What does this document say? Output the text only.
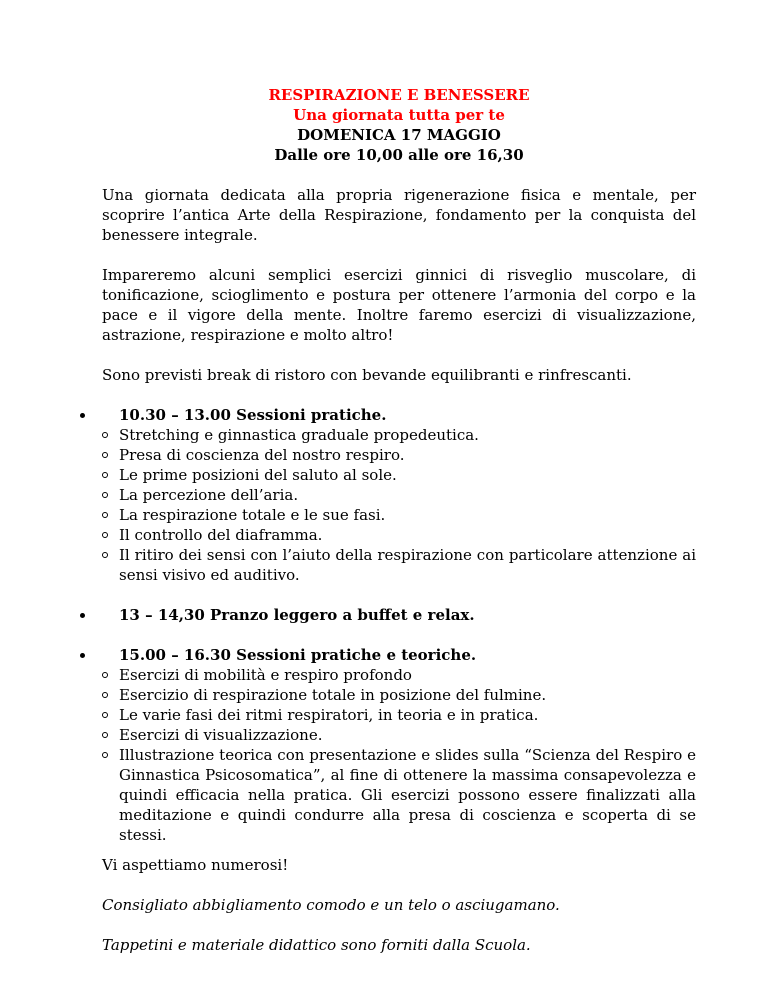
RESPIRAZIONE E BENESSERE
Una giornata tutta per te
DOMENICA 17 MAGGIO
Dalle ore 10,00 alle ore 16,30

Una giornata dedicata alla propria rigenerazione fisica e mentale, per scoprire l’antica Arte della Respirazione, fondamento per la conquista del benessere integrale.

Impareremo alcuni semplici esercizi ginnici di risveglio muscolare, di tonificazione, scioglimento e postura per ottenere l’armonia del corpo e la pace e il vigore della mente. Inoltre faremo esercizi di visualizzazione, astrazione, respirazione e molto altro!

Sono previsti break di ristoro con bevande equilibranti e rinfrescanti.

10.30 – 13.00 Sessioni pratiche.
Stretching e ginnastica graduale propedeutica.
Presa di coscienza del nostro respiro.
Le prime posizioni del saluto al sole.
La percezione dell’aria.
La respirazione totale e le sue fasi.
Il controllo del diaframma.
Il ritiro dei sensi con l’aiuto della respirazione con particolare attenzione ai sensi visivo ed auditivo.
13 – 14,30 Pranzo leggero a buffet e relax.
15.00 – 16.30 Sessioni pratiche e teoriche.
Esercizi di mobilità e respiro profondo
Esercizio di respirazione totale in posizione del fulmine.
Le varie fasi dei ritmi respiratori, in teoria e in pratica.
Esercizi di visualizzazione.
Illustrazione teorica con presentazione e slides sulla “Scienza del Respiro e Ginnastica Psicosomatica”, al fine di ottenere la massima consapevolezza e quindi efficacia nella pratica. Gli esercizi possono essere finalizzati alla meditazione e quindi condurre alla presa di coscienza e scoperta di se stessi.

Vi aspettiamo numerosi!

Consigliato abbigliamento comodo e un telo o asciugamano.

Tappetini e materiale didattico sono forniti dalla Scuola.
